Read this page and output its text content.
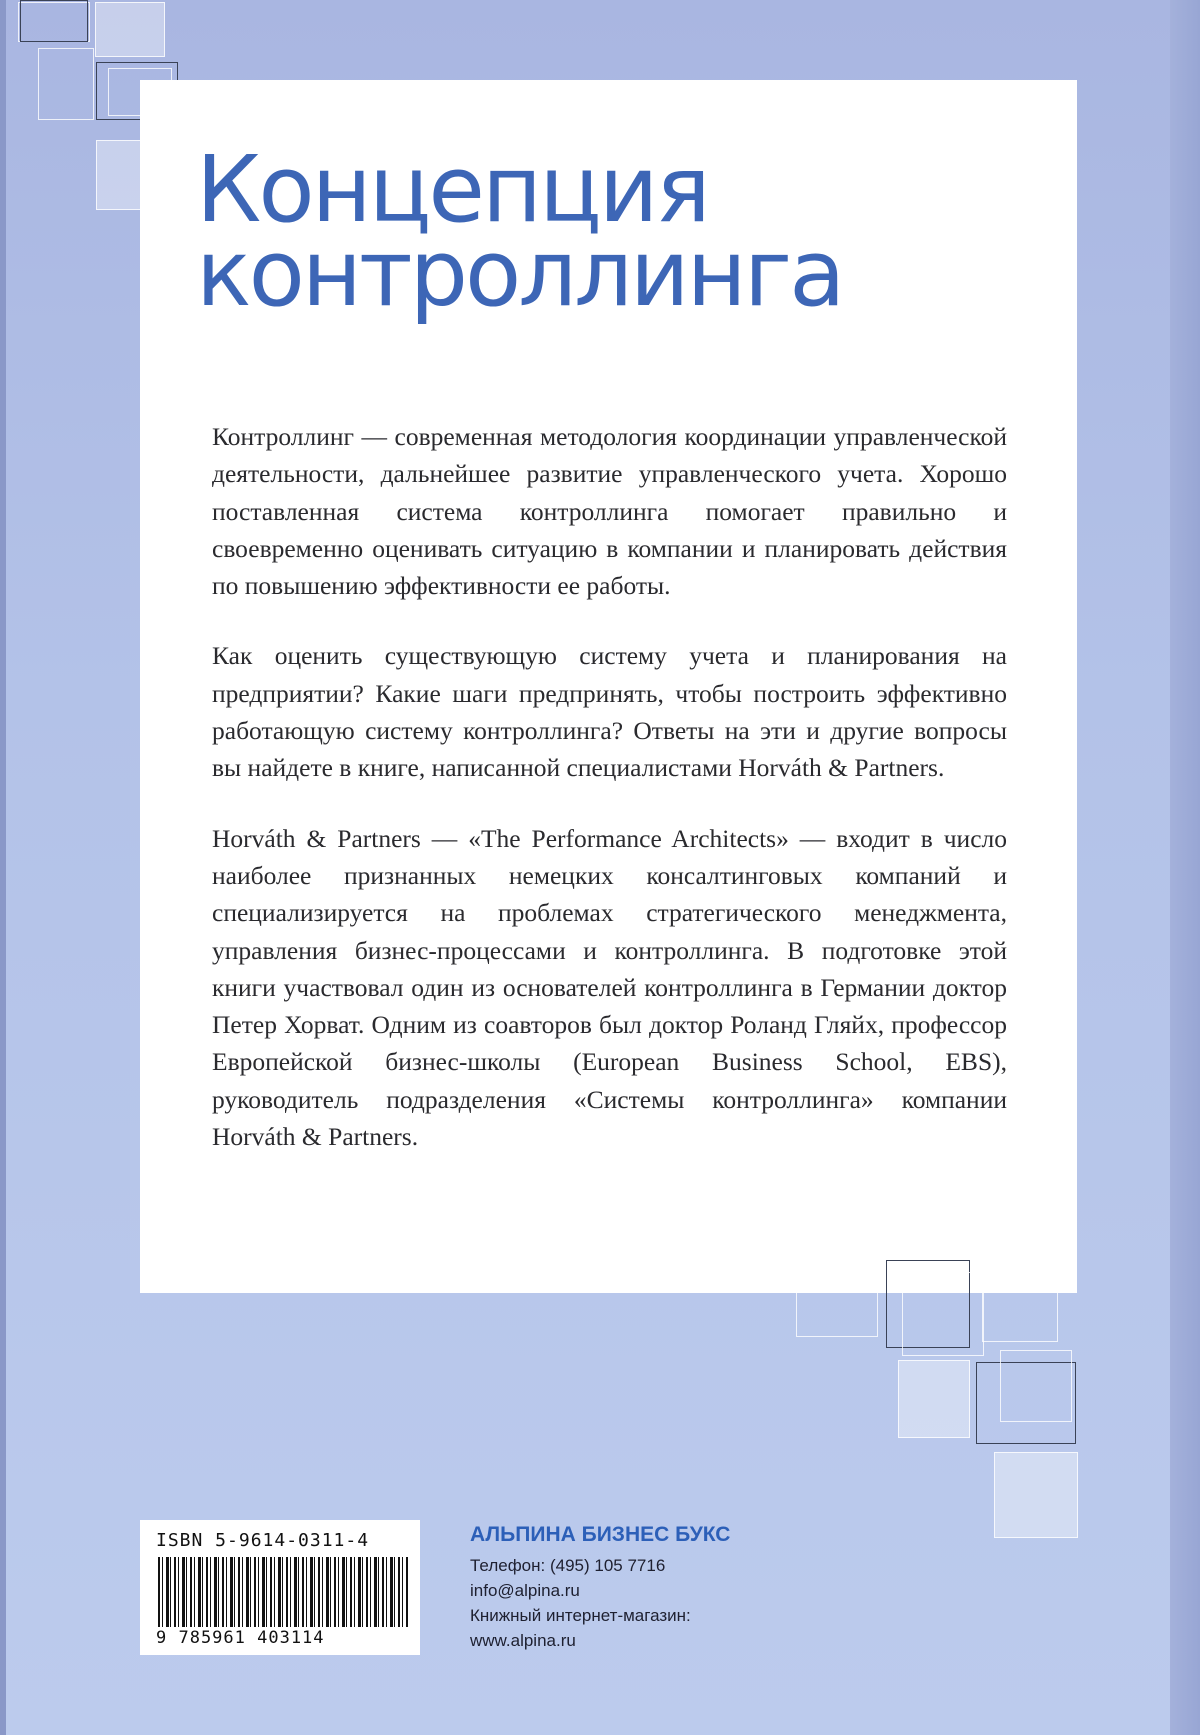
Концепция
контроллинга

Контроллинг — современная методология координации управленческой деятельности, дальнейшее развитие управленческого учета. Хорошо поставленная система контроллинга помогает правильно и своевременно оценивать ситуацию в компании и планировать действия по повышению эффективности ее работы.

Как оценить существующую систему учета и планирования на предприятии? Какие шаги предпринять, чтобы построить эффективно работающую систему контроллинга? Ответы на эти и другие вопросы вы найдете в книге, написанной специалистами Horváth & Partners.

Horváth & Partners — «The Performance Architects» — входит в число наиболее признанных немецких консалтинговых компаний и специализируется на проблемах стратегического менеджмента, управления бизнес-процессами и контроллинга. В подготовке этой книги участвовал один из основателей контроллинга в Германии доктор Петер Хорват. Одним из соавторов был доктор Роланд Гляйх, профессор Европейской бизнес-школы (European Business School, EBS), руководитель подразделения «Системы контроллинга» компании Horváth & Partners.

ISBN 5-9614-0311-4
9 785961 403114
АЛЬПИНА БИЗНЕС БУКС
Телефон: (495) 105 7716
info@alpina.ru
Книжный интернет-магазин:
www.alpina.ru
